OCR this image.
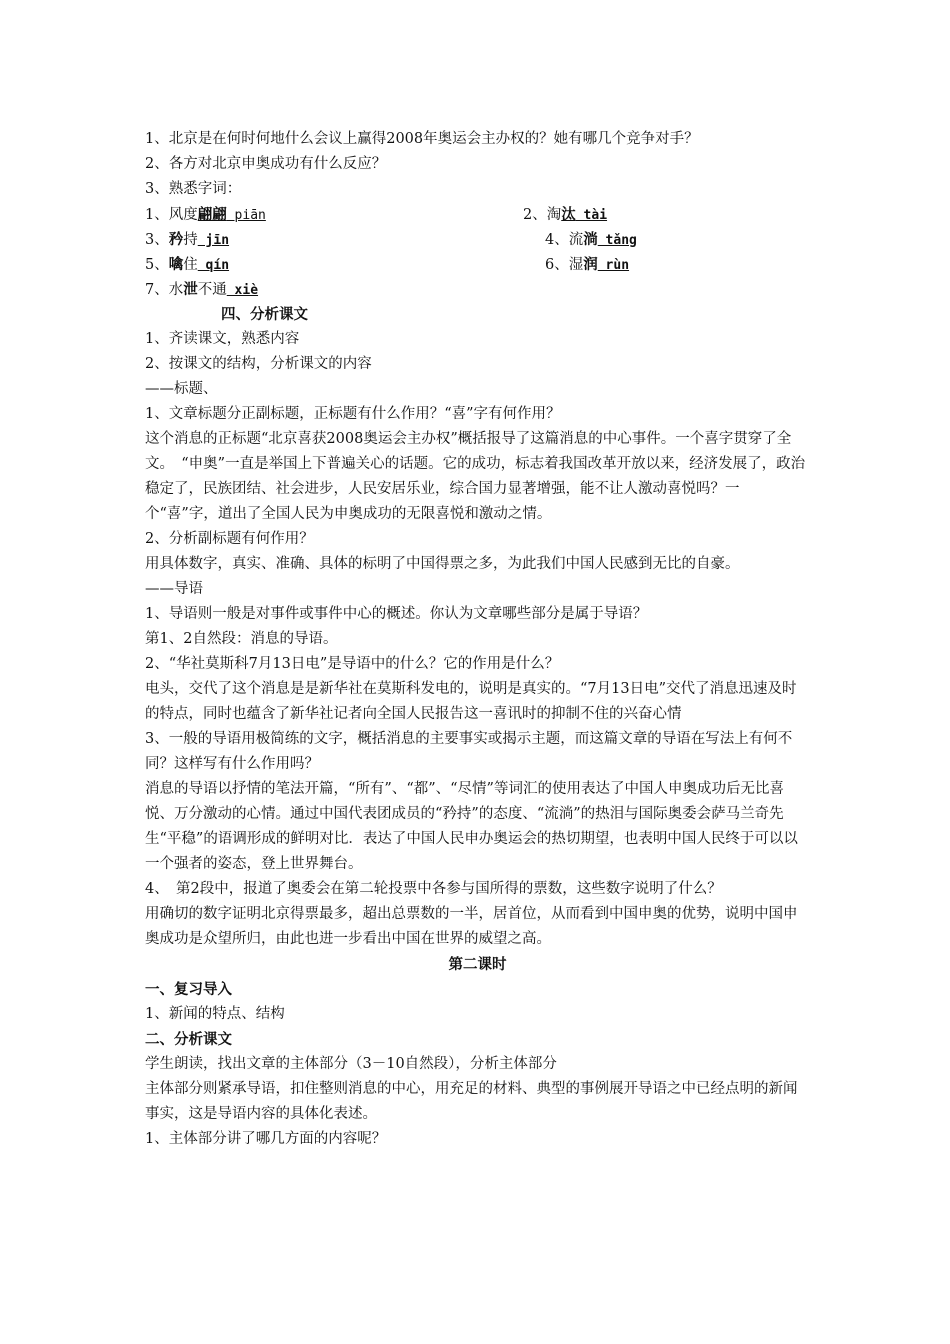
1、北京是在何时何地什么会议上赢得2008年奥运会主办权的？她有哪几个竞争对手？
2、各方对北京申奥成功有什么反应？
3、熟悉字词：
1、风度翩翩 piān	2、淘汰 tài
3、矜持 jīn	4、流淌 tǎng
5、噙住 qín	6、湿润 rùn
7、水泄不通 xiè
四、分析课文
1、齐读课文，熟悉内容
2、按课文的结构，分析课文的内容
——标题、
1、文章标题分正副标题，正标题有什么作用？“喜”字有何作用？
这个消息的正标题“北京喜获2008奥运会主办权”概括报导了这篇消息的中心事件。一个喜字贯穿了全文。　“申奥”一直是举国上下普遍关心的话题。它的成功，标志着我国改革开放以来，经济发展了，政治稳定了，民族团结、社会进步，人民安居乐业，综合国力显著增强，能不让人激动喜悦吗？一个“喜”字，道出了全国人民为申奥成功的无限喜悦和激动之情。
2、分析副标题有何作用？
用具体数字，真实、准确、具体的标明了中国得票之多，为此我们中国人民感到无比的自豪。
——导语
1、导语则一般是对事件或事件中心的概述。你认为文章哪些部分是属于导语？
第1、2自然段：消息的导语。
2、“华社莫斯科7月13日电”是导语中的什么？它的作用是什么？
电头，交代了这个消息是是新华社在莫斯科发电的，说明是真实的。“7月13日电”交代了消息迅速及时的特点，同时也蕴含了新华社记者向全国人民报告这一喜讯时的抑制不住的兴奋心情
3、一般的导语用极简练的文字，概括消息的主要事实或揭示主题，而这篇文章的导语在写法上有何不同？这样写有什么作用吗？
消息的导语以抒情的笔法开篇，“所有”、“都”、“尽情”等词汇的使用表达了中国人申奥成功后无比喜悦、万分激动的心情。通过中国代表团成员的“矜持”的态度、“流淌”的热泪与国际奥委会萨马兰奇先生“平稳”的语调形成的鲜明对比．表达了中国人民申办奥运会的热切期望，也表明中国人民终于可以以一个强者的姿态，登上世界舞台。
4、　第2段中，报道了奥委会在第二轮投票中各参与国所得的票数，这些数字说明了什么？
用确切的数字证明北京得票最多，超出总票数的一半，居首位，从而看到中国申奥的优势，说明中国申奥成功是众望所归，由此也进一步看出中国在世界的威望之高。
第二课时
一、复习导入
1、新闻的特点、结构
二、分析课文
学生朗读，找出文章的主体部分（3－10自然段），分析主体部分
主体部分则紧承导语，扣住整则消息的中心，用充足的材料、典型的事例展开导语之中已经点明的新闻事实，这是导语内容的具体化表述。
1、主体部分讲了哪几方面的内容呢？
